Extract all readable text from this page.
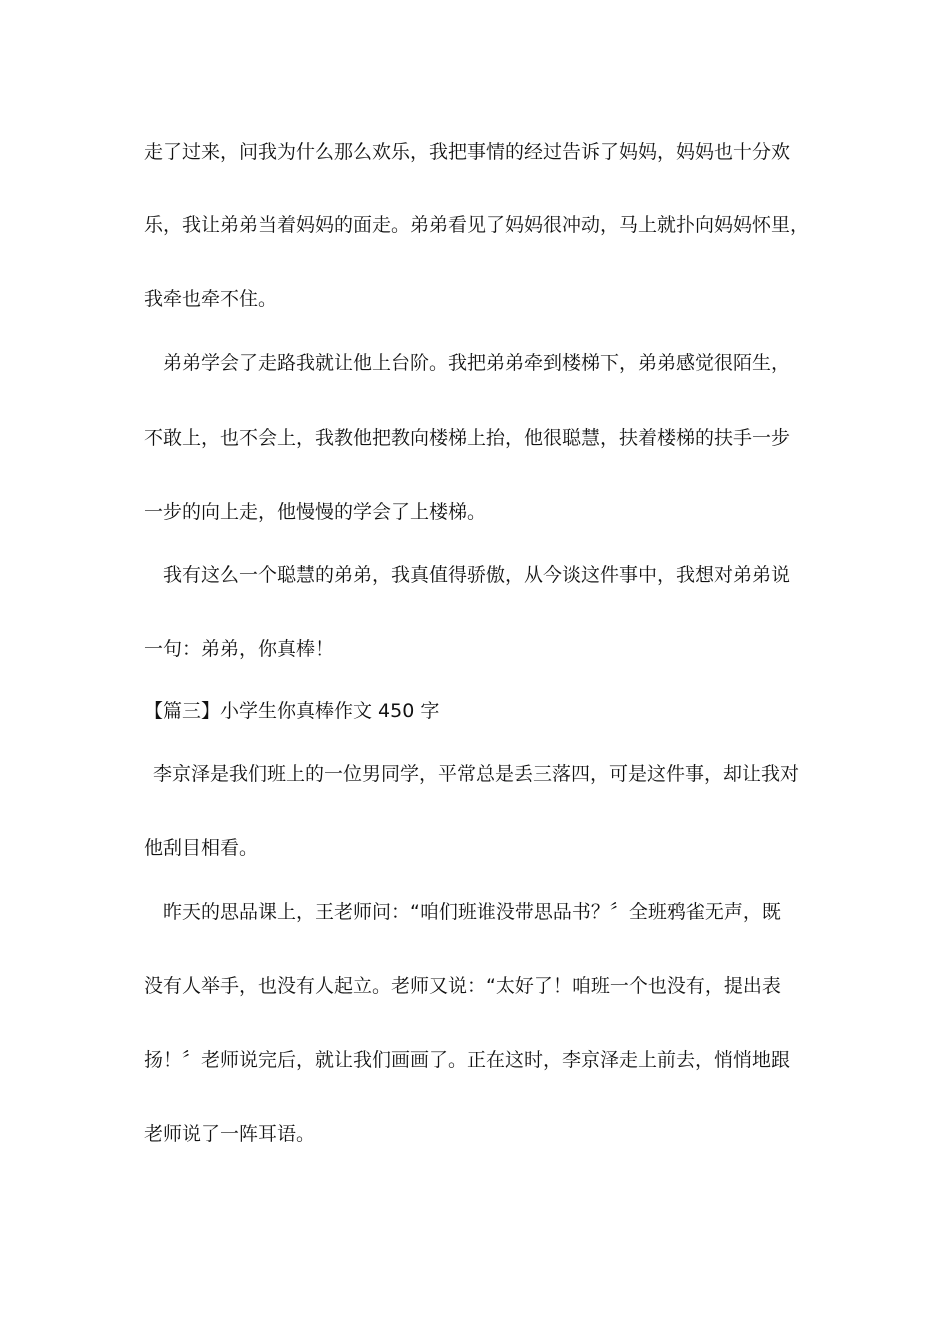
走了过来，问我为什么那么欢乐，我把事情的经过告诉了妈妈，妈妈也十分欢
乐，我让弟弟当着妈妈的面走。弟弟看见了妈妈很冲动，马上就扑向妈妈怀里，
我牵也牵不住。
弟弟学会了走路我就让他上台阶。我把弟弟牵到楼梯下，弟弟感觉很陌生，
不敢上，也不会上，我教他把教向楼梯上抬，他很聪慧，扶着楼梯的扶手一步
一步的向上走，他慢慢的学会了上楼梯。
我有这么一个聪慧的弟弟，我真值得骄傲，从今谈这件事中，我想对弟弟说
一句：弟弟，你真棒！
【篇三】小学生你真棒作文 450 字
李京泽是我们班上的一位男同学，平常总是丢三落四，可是这件事，却让我对
他刮目相看。
昨天的思品课上，王老师问：“咱们班谁没带思品书？〞全班鸦雀无声，既
没有人举手，也没有人起立。老师又说：“太好了！咱班一个也没有，提出表
扬！〞老师说完后，就让我们画画了。正在这时，李京泽走上前去，悄悄地跟
老师说了一阵耳语。
